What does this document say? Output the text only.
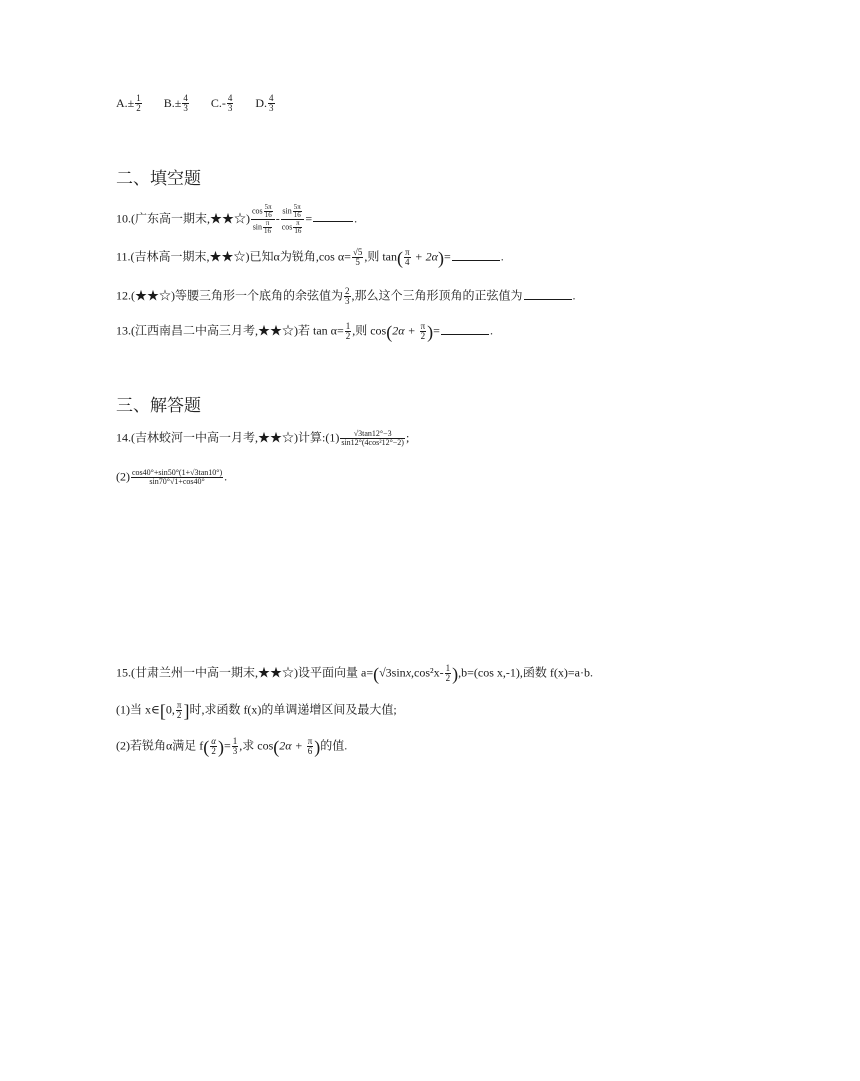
$A.\pm \frac{1}{2} B.\pm \frac{4}{3} C.- \frac{4}{3} D$. $\frac{4}{3}$
二、填空题
10.(广东高一期末,★★☆) $\frac{\cos \frac{5\pi}{16}}{\sin \frac{\pi}{16}} - \frac{\sin \frac{5\pi}{16}}{\cos \frac{\pi}{16}}$ =	.
11.(吉林高一期末,★★☆)已知α为锐角,cos $\alpha= \frac{√5}{5}$ ,则 $\tan( \frac{\pi}{4} + 2\alpha)=$	.
12.(★★☆)等腰三角形一个底角的余弦值为 $\frac{2}{3}$ ,那么这个三角形顶角的正弦值为	.
13.(江西南昌二中高三月考,★★☆)若 $\tan \alpha= \frac{1}{2}$ ,则 $\cos(2\alpha + \frac{\pi}{2}$ )=	.
三、解答题
14.(吉林蛟河一中高一月考,★★☆)计算:(1) $\frac{√3\tan 12^\circ-3}{\text{sin12°(4cos²12°−2)}}$ ;
$(2) \frac{\cos 40^\circ+\sin 50^\circ(1+√3\tan 10^\circ)}{\sin 70^\circ√1+\cos 40^\circ}$ .
15.(甘肃兰州一中高一期末,★★☆)设平面向量 $a=(√3\sin x,\cos^2x- \frac{1}{2} ),b=(\cos$ x,-1),函数 f(x)=a·b.
(1)当 x∈[0, $\frac{\pi}{2}$ ]时,求函数 f(x)的单调递增区间及最大值;
(2)若锐角α满足 $f( \frac{\alpha}{2}$ )= $\frac{1}{3}$ ,求 $\cos(2\alpha + \frac{\pi}{6}$ )的值.
